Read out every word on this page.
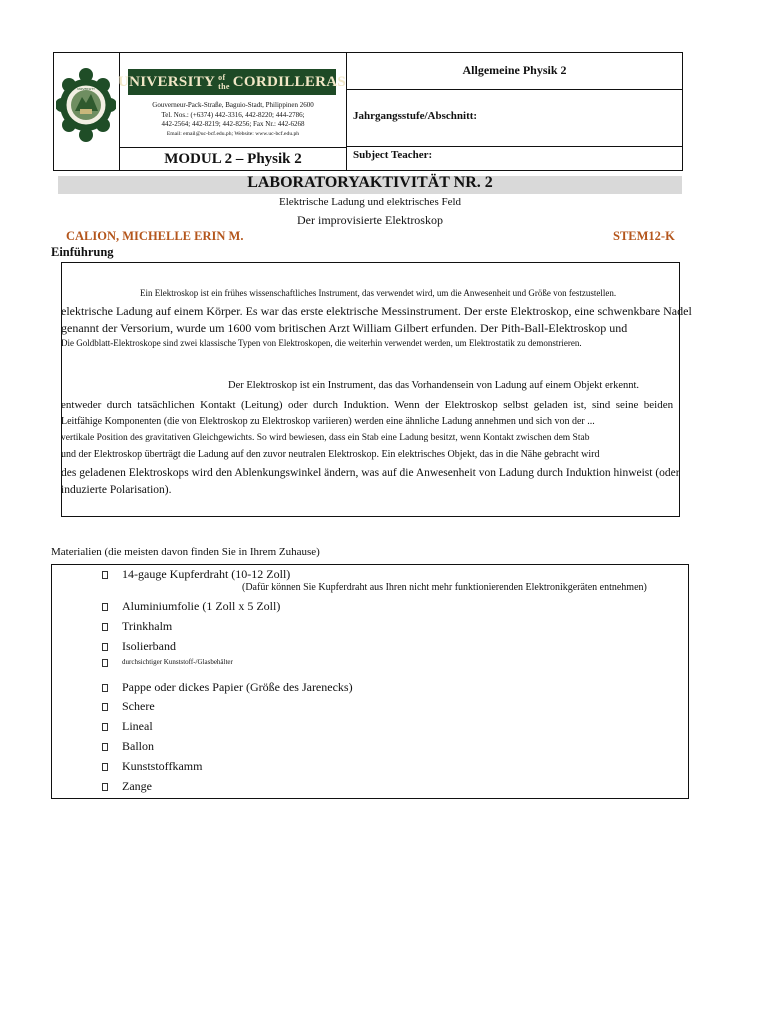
UNIVERSITY UNIVERSITY of the CORDILLERAS
Gouverneur-Pack-Straße, Baguio-Stadt, Philippinen 2600
Tel. Nos.: (+6374) 442-3316, 442-8220; 444-2786;
442-2564; 442-8219; 442-8256; Fax Nr.: 442-6268
Email: email@uc-bcf.edu.ph; Website: www.uc-bcf.edu.ph
MODUL 2 – Physik 2
Allgemeine Physik 2
Jahrgangsstufe/Abschnitt:
Subject Teacher:
LABORATORYAKTIVITÄT NR. 2
Elektrische Ladung und elektrisches Feld
Der improvisierte Elektroskop
CALION, MICHELLE ERIN M.	STEM12-K
Einführung
Ein Elektroskop ist ein frühes wissenschaftliches Instrument, das verwendet wird, um die Anwesenheit und Größe von festzustellen.
elektrische Ladung auf einem Körper. Es war das erste elektrische Messinstrument. Der erste Elektroskop, eine schwenkbare Nadel
genannt der Versorium, wurde um 1600 vom britischen Arzt William Gilbert erfunden. Der Pith-Ball-Elektroskop und
Die Goldblatt-Elektroskope sind zwei klassische Typen von Elektroskopen, die weiterhin verwendet werden, um Elektrostatik zu demonstrieren.
Der Elektroskop ist ein Instrument, das das Vorhandensein von Ladung auf einem Objekt erkennt.
entweder durch tatsächlichen Kontakt (Leitung) oder durch Induktion. Wenn der Elektroskop selbst geladen ist, sind seine beiden
Leitfähige Komponenten (die von Elektroskop zu Elektroskop variieren) werden eine ähnliche Ladung annehmen und sich von der ...
vertikale Position des gravitativen Gleichgewichts. So wird bewiesen, dass ein Stab eine Ladung besitzt, wenn Kontakt zwischen dem Stab
und der Elektroskop überträgt die Ladung auf den zuvor neutralen Elektroskop. Ein elektrisches Objekt, das in die Nähe gebracht wird
des geladenen Elektroskops wird den Ablenkungswinkel ändern, was auf die Anwesenheit von Ladung durch Induktion hinweist (oder
induzierte Polarisation).
Materialien (die meisten davon finden Sie in Ihrem Zuhause)
14-gauge Kupferdraht (10-12 Zoll)
(Dafür können Sie Kupferdraht aus Ihren nicht mehr funktionierenden Elektronikgeräten entnehmen)
Aluminiumfolie (1 Zoll x 5 Zoll)
Trinkhalm
Isolierband
durchsichtiger Kunststoff-/Glasbehälter
Pappe oder dickes Papier (Größe des Jarenecks)
Schere
Lineal
Ballon
Kunststoffkamm
Zange
